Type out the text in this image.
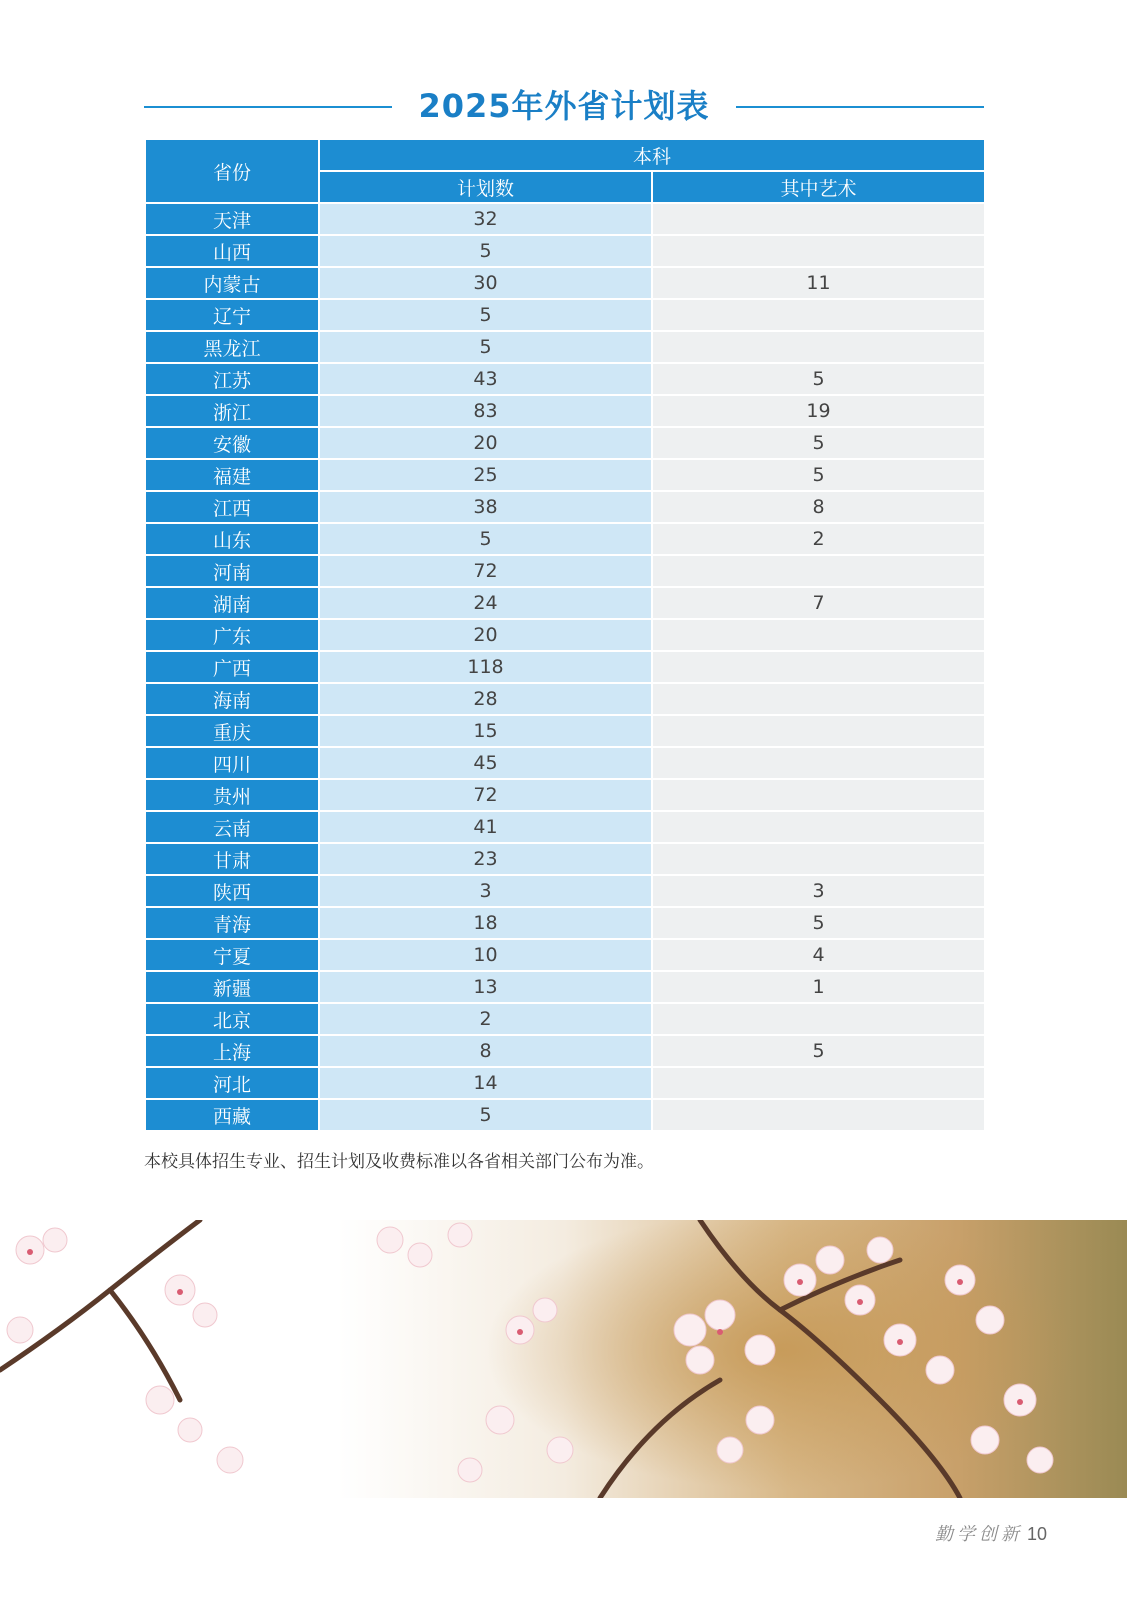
2025年外省计划表
省份	本科	
	计划数	其中艺术
天津	32	
山西	5	
内蒙古	30	11
辽宁	5	
黑龙江	5	
江苏	43	5
浙江	83	19
安徽	20	5
福建	25	5
江西	38	8
山东	5	2
河南	72	
湖南	24	7
广东	20	
广西	118	
海南	28	
重庆	15	
四川	45	
贵州	72	
云南	41	
甘肃	23	
陕西	3	3
青海	18	5
宁夏	10	4
新疆	13	1
北京	2	
上海	8	5
河北	14	
西藏	5	
本校具体招生专业、招生计划及收费标准以各省相关部门公布为准。
勤学创新 10
